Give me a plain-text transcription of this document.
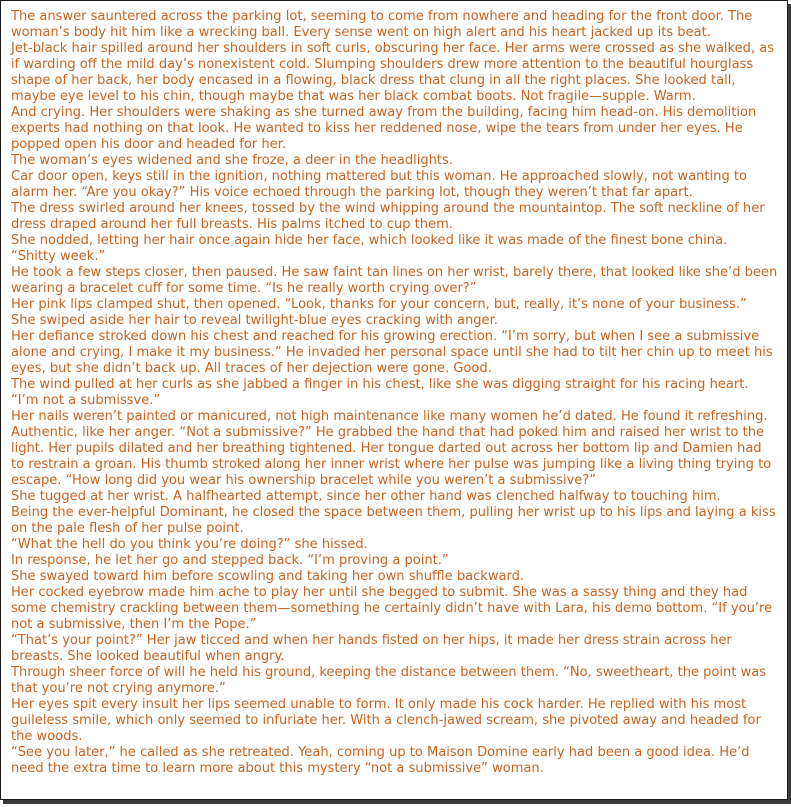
The answer sauntered across the parking lot, seeming to come from nowhere and heading for the front door. The woman’s body hit him like a wrecking ball. Every sense went on high alert and his heart jacked up its beat.

Jet-black hair spilled around her shoulders in soft curls, obscuring her face. Her arms were crossed as she walked, as if warding off the mild day’s nonexistent cold. Slumping shoulders drew more attention to the beautiful hourglass shape of her back, her body encased in a flowing, black dress that clung in all the right places. She looked tall, maybe eye level to his chin, though maybe that was her black combat boots. Not fragile—supple. Warm.

And crying. Her shoulders were shaking as she turned away from the building, facing him head-on. His demolition experts had nothing on that look. He wanted to kiss her reddened nose, wipe the tears from under her eyes. He popped open his door and headed for her.

The woman’s eyes widened and she froze, a deer in the headlights.

Car door open, keys still in the ignition, nothing mattered but this woman. He approached slowly, not wanting to alarm her. “Are you okay?” His voice echoed through the parking lot, though they weren’t that far apart.

The dress swirled around her knees, tossed by the wind whipping around the mountaintop. The soft neckline of her dress draped around her full breasts. His palms itched to cup them.

She nodded, letting her hair once again hide her face, which looked like it was made of the finest bone china.

“Shitty week.”

He took a few steps closer, then paused. He saw faint tan lines on her wrist, barely there, that looked like she’d been wearing a bracelet cuff for some time. “Is he really worth crying over?”

Her pink lips clamped shut, then opened. “Look, thanks for your concern, but, really, it’s none of your business.”

She swiped aside her hair to reveal twilight-blue eyes cracking with anger.

Her defiance stroked down his chest and reached for his growing erection. “I’m sorry, but when I see a submissive alone and crying, I make it my business.” He invaded her personal space until she had to tilt her chin up to meet his eyes, but she didn’t back up. All traces of her dejection were gone. Good.

The wind pulled at her curls as she jabbed a finger in his chest, like she was digging straight for his racing heart.

“I’m not a submissve.”

Her nails weren’t painted or manicured, not high maintenance like many women he’d dated. He found it refreshing. Authentic, like her anger. “Not a submissive?” He grabbed the hand that had poked him and raised her wrist to the light. Her pupils dilated and her breathing tightened. Her tongue darted out across her bottom lip and Damien had to restrain a groan. His thumb stroked along her inner wrist where her pulse was jumping like a living thing trying to escape. “How long did you wear his ownership bracelet while you weren’t a submissive?”

She tugged at her wrist. A halfhearted attempt, since her other hand was clenched halfway to touching him.

Being the ever-helpful Dominant, he closed the space between them, pulling her wrist up to his lips and laying a kiss on the pale flesh of her pulse point.

“What the hell do you think you’re doing?” she hissed.

In response, he let her go and stepped back. “I’m proving a point.”

She swayed toward him before scowling and taking her own shuffle backward.

Her cocked eyebrow made him ache to play her until she begged to submit. She was a sassy thing and they had some chemistry crackling between them—something he certainly didn’t have with Lara, his demo bottom. “If you’re not a submissive, then I’m the Pope.”

“That’s your point?” Her jaw ticced and when her hands fisted on her hips, it made her dress strain across her breasts. She looked beautiful when angry.

Through sheer force of will he held his ground, keeping the distance between them. “No, sweetheart, the point was that you’re not crying anymore.”

Her eyes spit every insult her lips seemed unable to form. It only made his cock harder. He replied with his most guileless smile, which only seemed to infuriate her. With a clench-jawed scream, she pivoted away and headed for the woods.

“See you later,” he called as she retreated. Yeah, coming up to Maison Domine early had been a good idea. He’d need the extra time to learn more about this mystery “not a submissive” woman.
